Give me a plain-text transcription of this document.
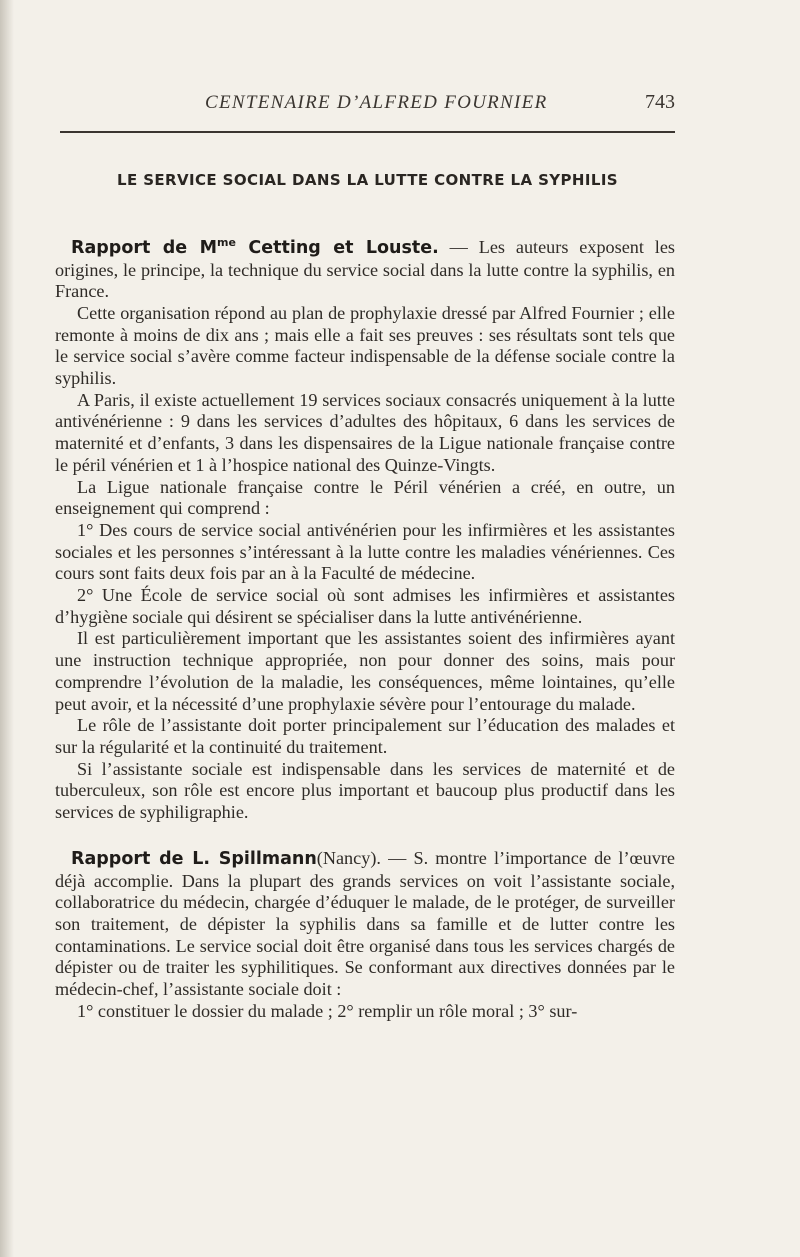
CENTENAIRE D’ALFRED FOURNIER	743
LE SERVICE SOCIAL DANS LA LUTTE CONTRE LA SYPHILIS

Rapport de $M^{me}$ Cetting et Louste. — Les auteurs exposent les origines, le principe, la technique du service social dans la lutte contre la syphilis, en France.

Cette organisation répond au plan de prophylaxie dressé par Alfred Fournier ; elle remonte à moins de dix ans ; mais elle a fait ses preuves : ses résultats sont tels que le service social s’avère comme facteur indispensable de la défense sociale contre la syphilis.

A Paris, il existe actuellement 19 services sociaux consacrés uniquement à la lutte antivénérienne : 9 dans les services d’adultes des hôpitaux, 6 dans les services de maternité et d’enfants, 3 dans les dispensaires de la Ligue nationale française contre le péril vénérien et 1 à l’hospice national des Quinze-Vingts.

La Ligue nationale française contre le Péril vénérien a créé, en outre, un enseignement qui comprend :

1° Des cours de service social antivénérien pour les infirmières et les assistantes sociales et les personnes s’intéressant à la lutte contre les maladies vénériennes. Ces cours sont faits deux fois par an à la Faculté de médecine.

2° Une École de service social où sont admises les infirmières et assistantes d’hygiène sociale qui désirent se spécialiser dans la lutte antivénérienne.

Il est particulièrement important que les assistantes soient des infirmières ayant une instruction technique appropriée, non pour donner des soins, mais pour comprendre l’évolution de la maladie, les conséquences, même lointaines, qu’elle peut avoir, et la nécessité d’une prophylaxie sévère pour l’entourage du malade.

Le rôle de l’assistante doit porter principalement sur l’éducation des malades et sur la régularité et la continuité du traitement.

Si l’assistante sociale est indispensable dans les services de maternité et de tuberculeux, son rôle est encore plus important et baucoup plus productif dans les services de syphiligraphie.

Rapport de L. Spillmann(Nancy). — S. montre l’importance de l’œuvre déjà accomplie. Dans la plupart des grands services on voit l’assistante sociale, collaboratrice du médecin, chargée d’éduquer le malade, de le protéger, de surveiller son traitement, de dépister la syphilis dans sa famille et de lutter contre les contaminations. Le service social doit être organisé dans tous les services chargés de dépister ou de traiter les syphilitiques. Se conformant aux directives données par le médecin-chef, l’assistante sociale doit :

1° constituer le dossier du malade ; 2° remplir un rôle moral ; 3° sur-
